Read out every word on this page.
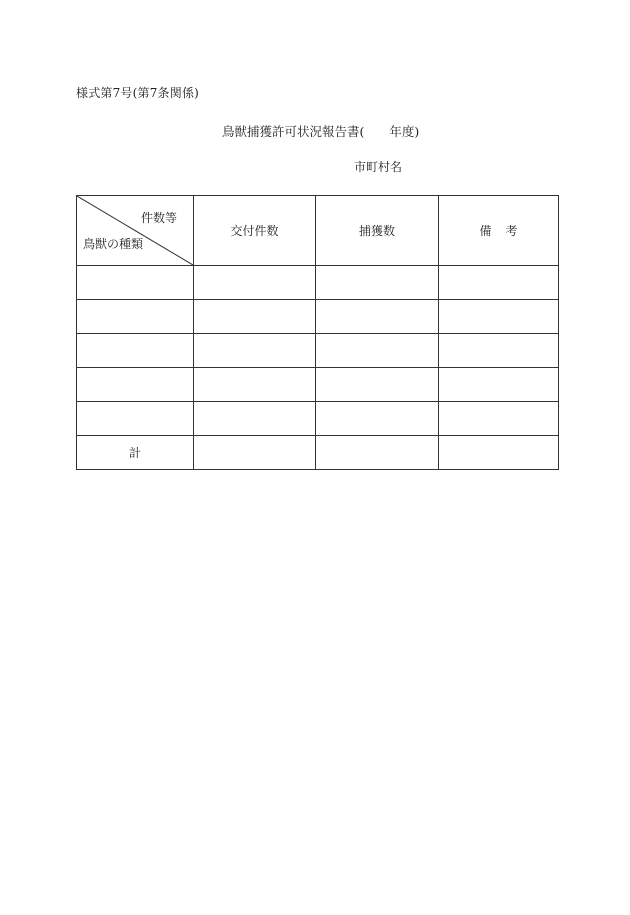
様式第7号(第7条関係)
鳥獣捕獲許可状況報告書(　　年度)
市町村名
件数等
鳥獣の種類	交付件数	捕獲数	備考

計			
